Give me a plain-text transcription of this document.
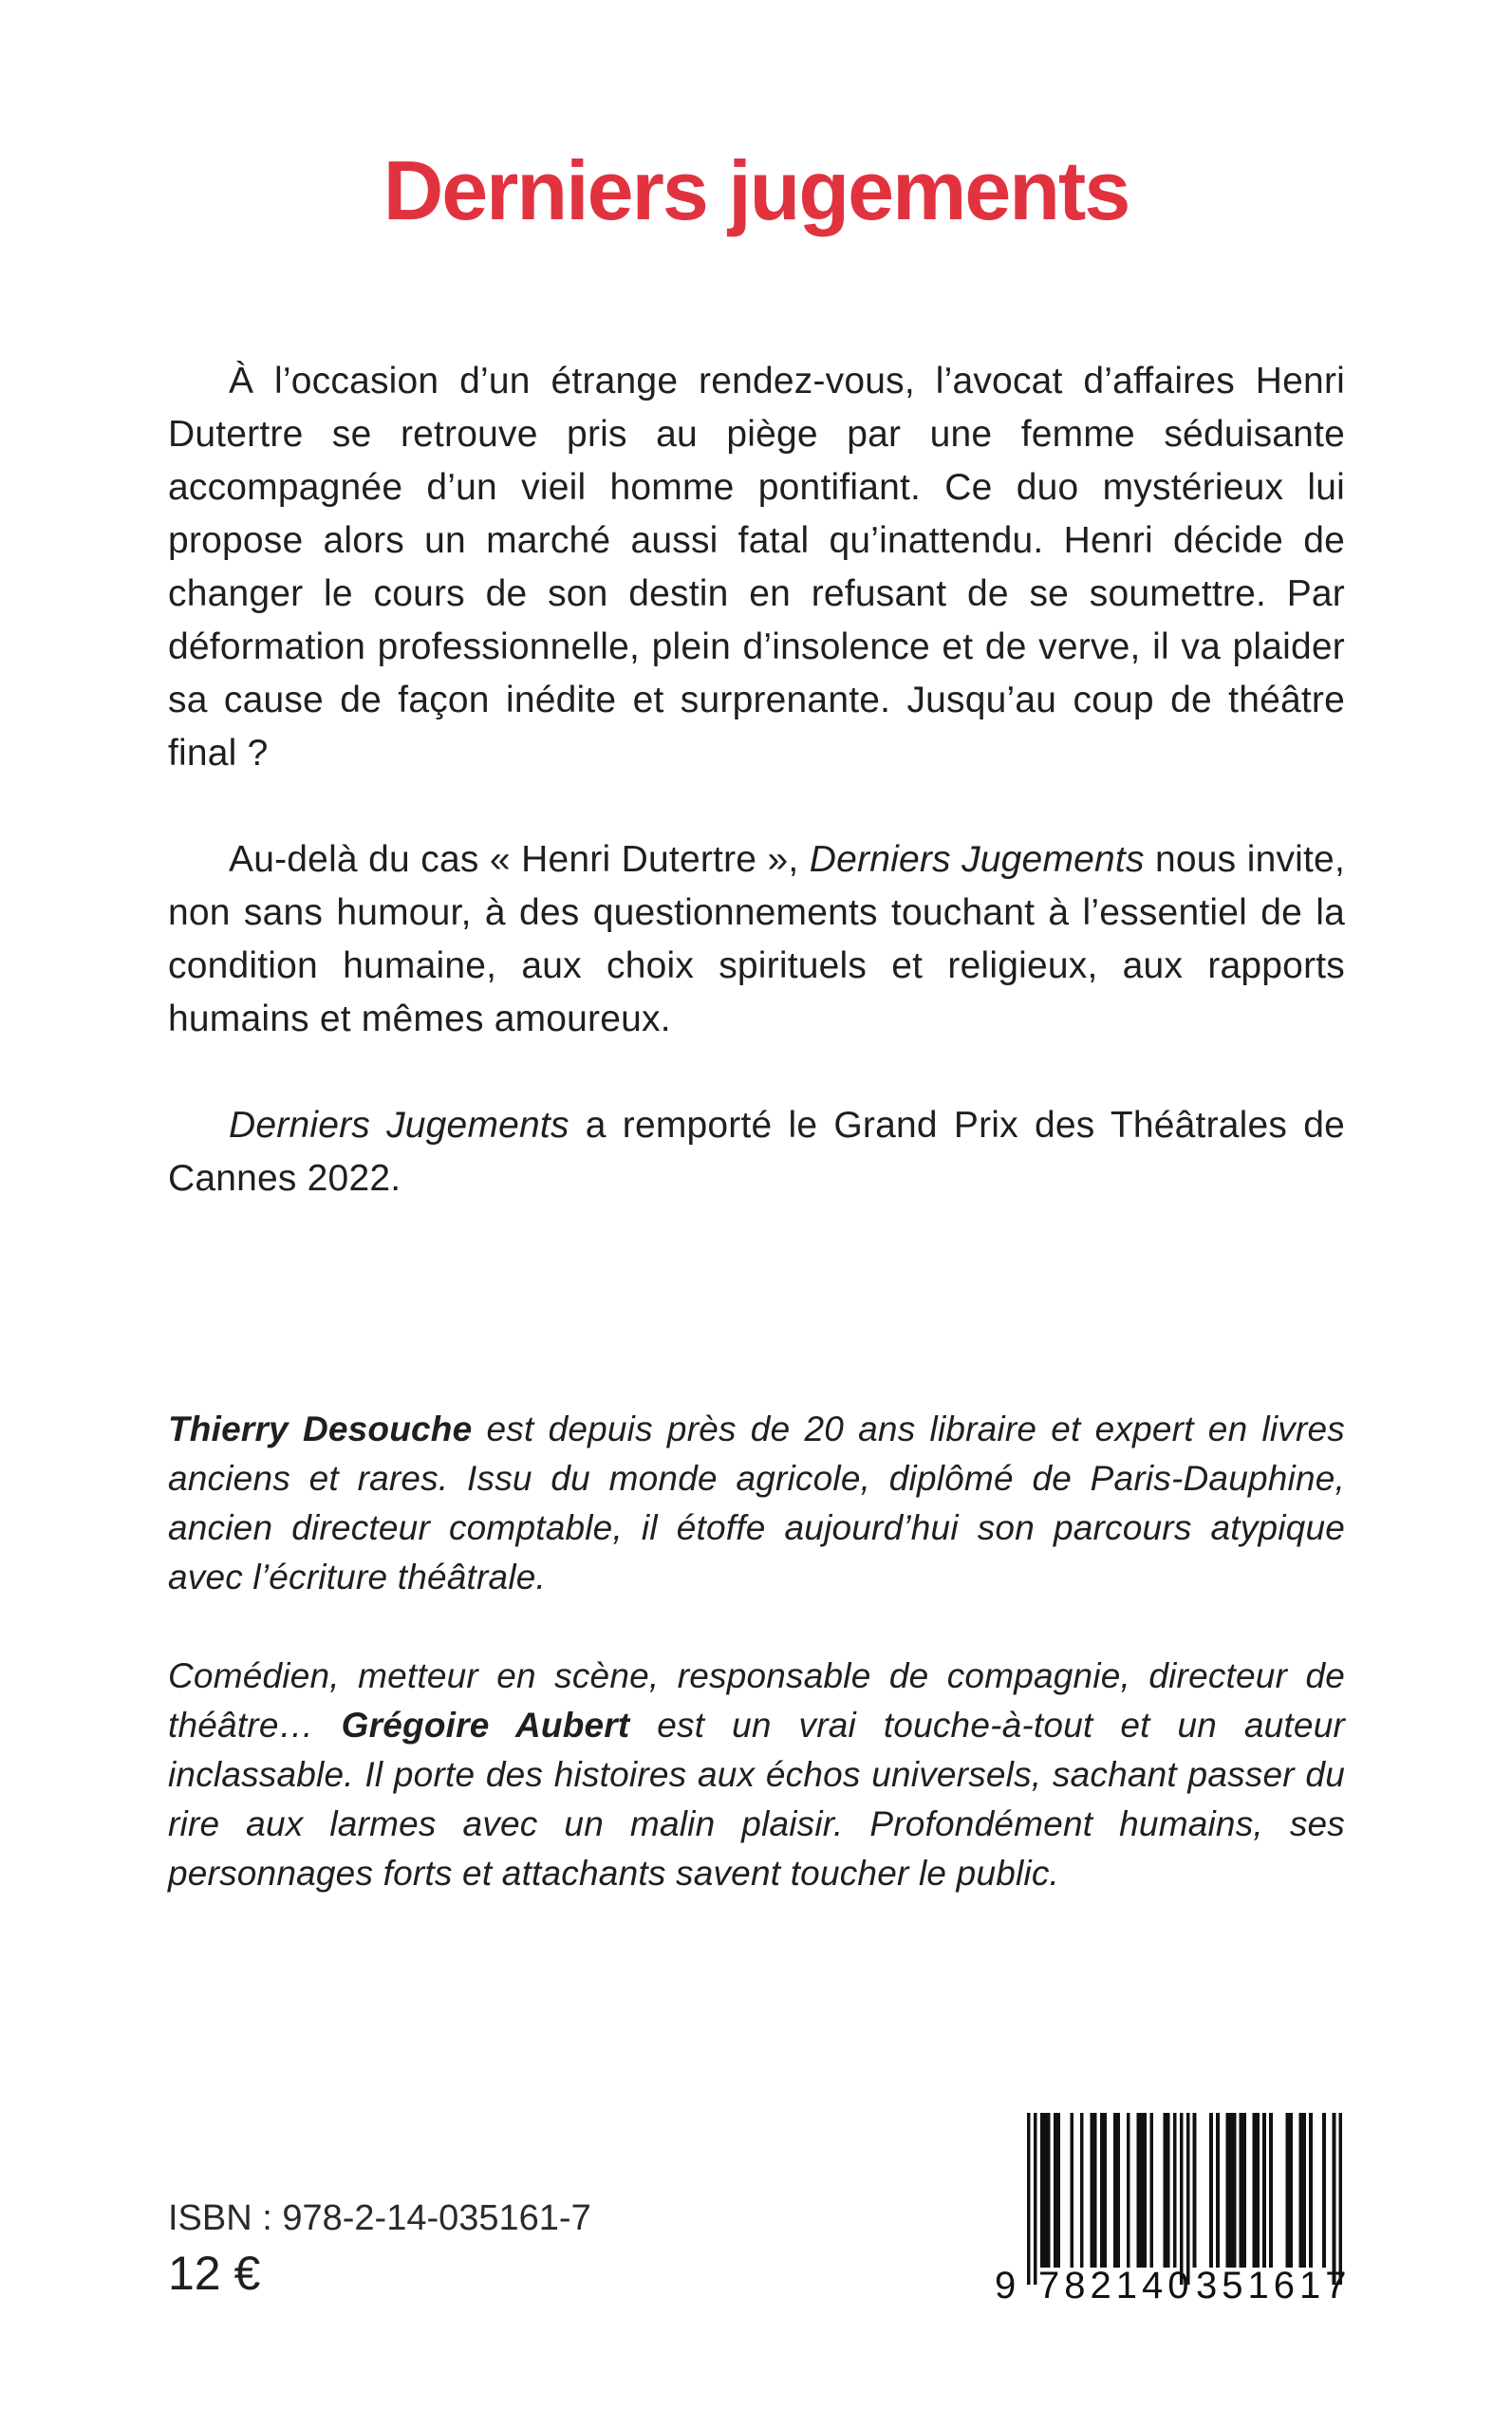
Derniers jugements

À l’occasion d’un étrange rendez-vous, l’avocat d’affaires Henri Dutertre se retrouve pris au piège par une femme séduisante accompagnée d’un vieil homme pontifiant. Ce duo mystérieux lui propose alors un marché aussi fatal qu’inattendu. Henri décide de changer le cours de son destin en refusant de se soumettre. Par déformation professionnelle, plein d’insolence et de verve, il va plaider sa cause de façon inédite et surprenante. Jusqu’au coup de théâtre final ?

Au-delà du cas « Henri Dutertre », Derniers Jugements nous invite, non sans humour, à des questionnements touchant à l’essentiel de la condition humaine, aux choix spirituels et religieux, aux rapports humains et mêmes amoureux.

Derniers Jugements a remporté le Grand Prix des Théâtrales de Cannes 2022.

Thierry Desouche est depuis près de 20 ans libraire et expert en livres anciens et rares. Issu du monde agricole, diplômé de Paris-Dauphine, ancien directeur comptable, il étoffe aujourd’hui son parcours atypique avec l’écriture théâtrale.

Comédien, metteur en scène, responsable de compagnie, directeur de théâtre… Grégoire Aubert est un vrai touche-à-tout et un auteur inclassable. Il porte des histoires aux échos universels, sachant passer du rire aux larmes avec un malin plaisir. Profondément humains, ses personnages forts et attachants savent toucher le public.

ISBN : 978-2-14-035161-7
12 €	9 782140 351617
